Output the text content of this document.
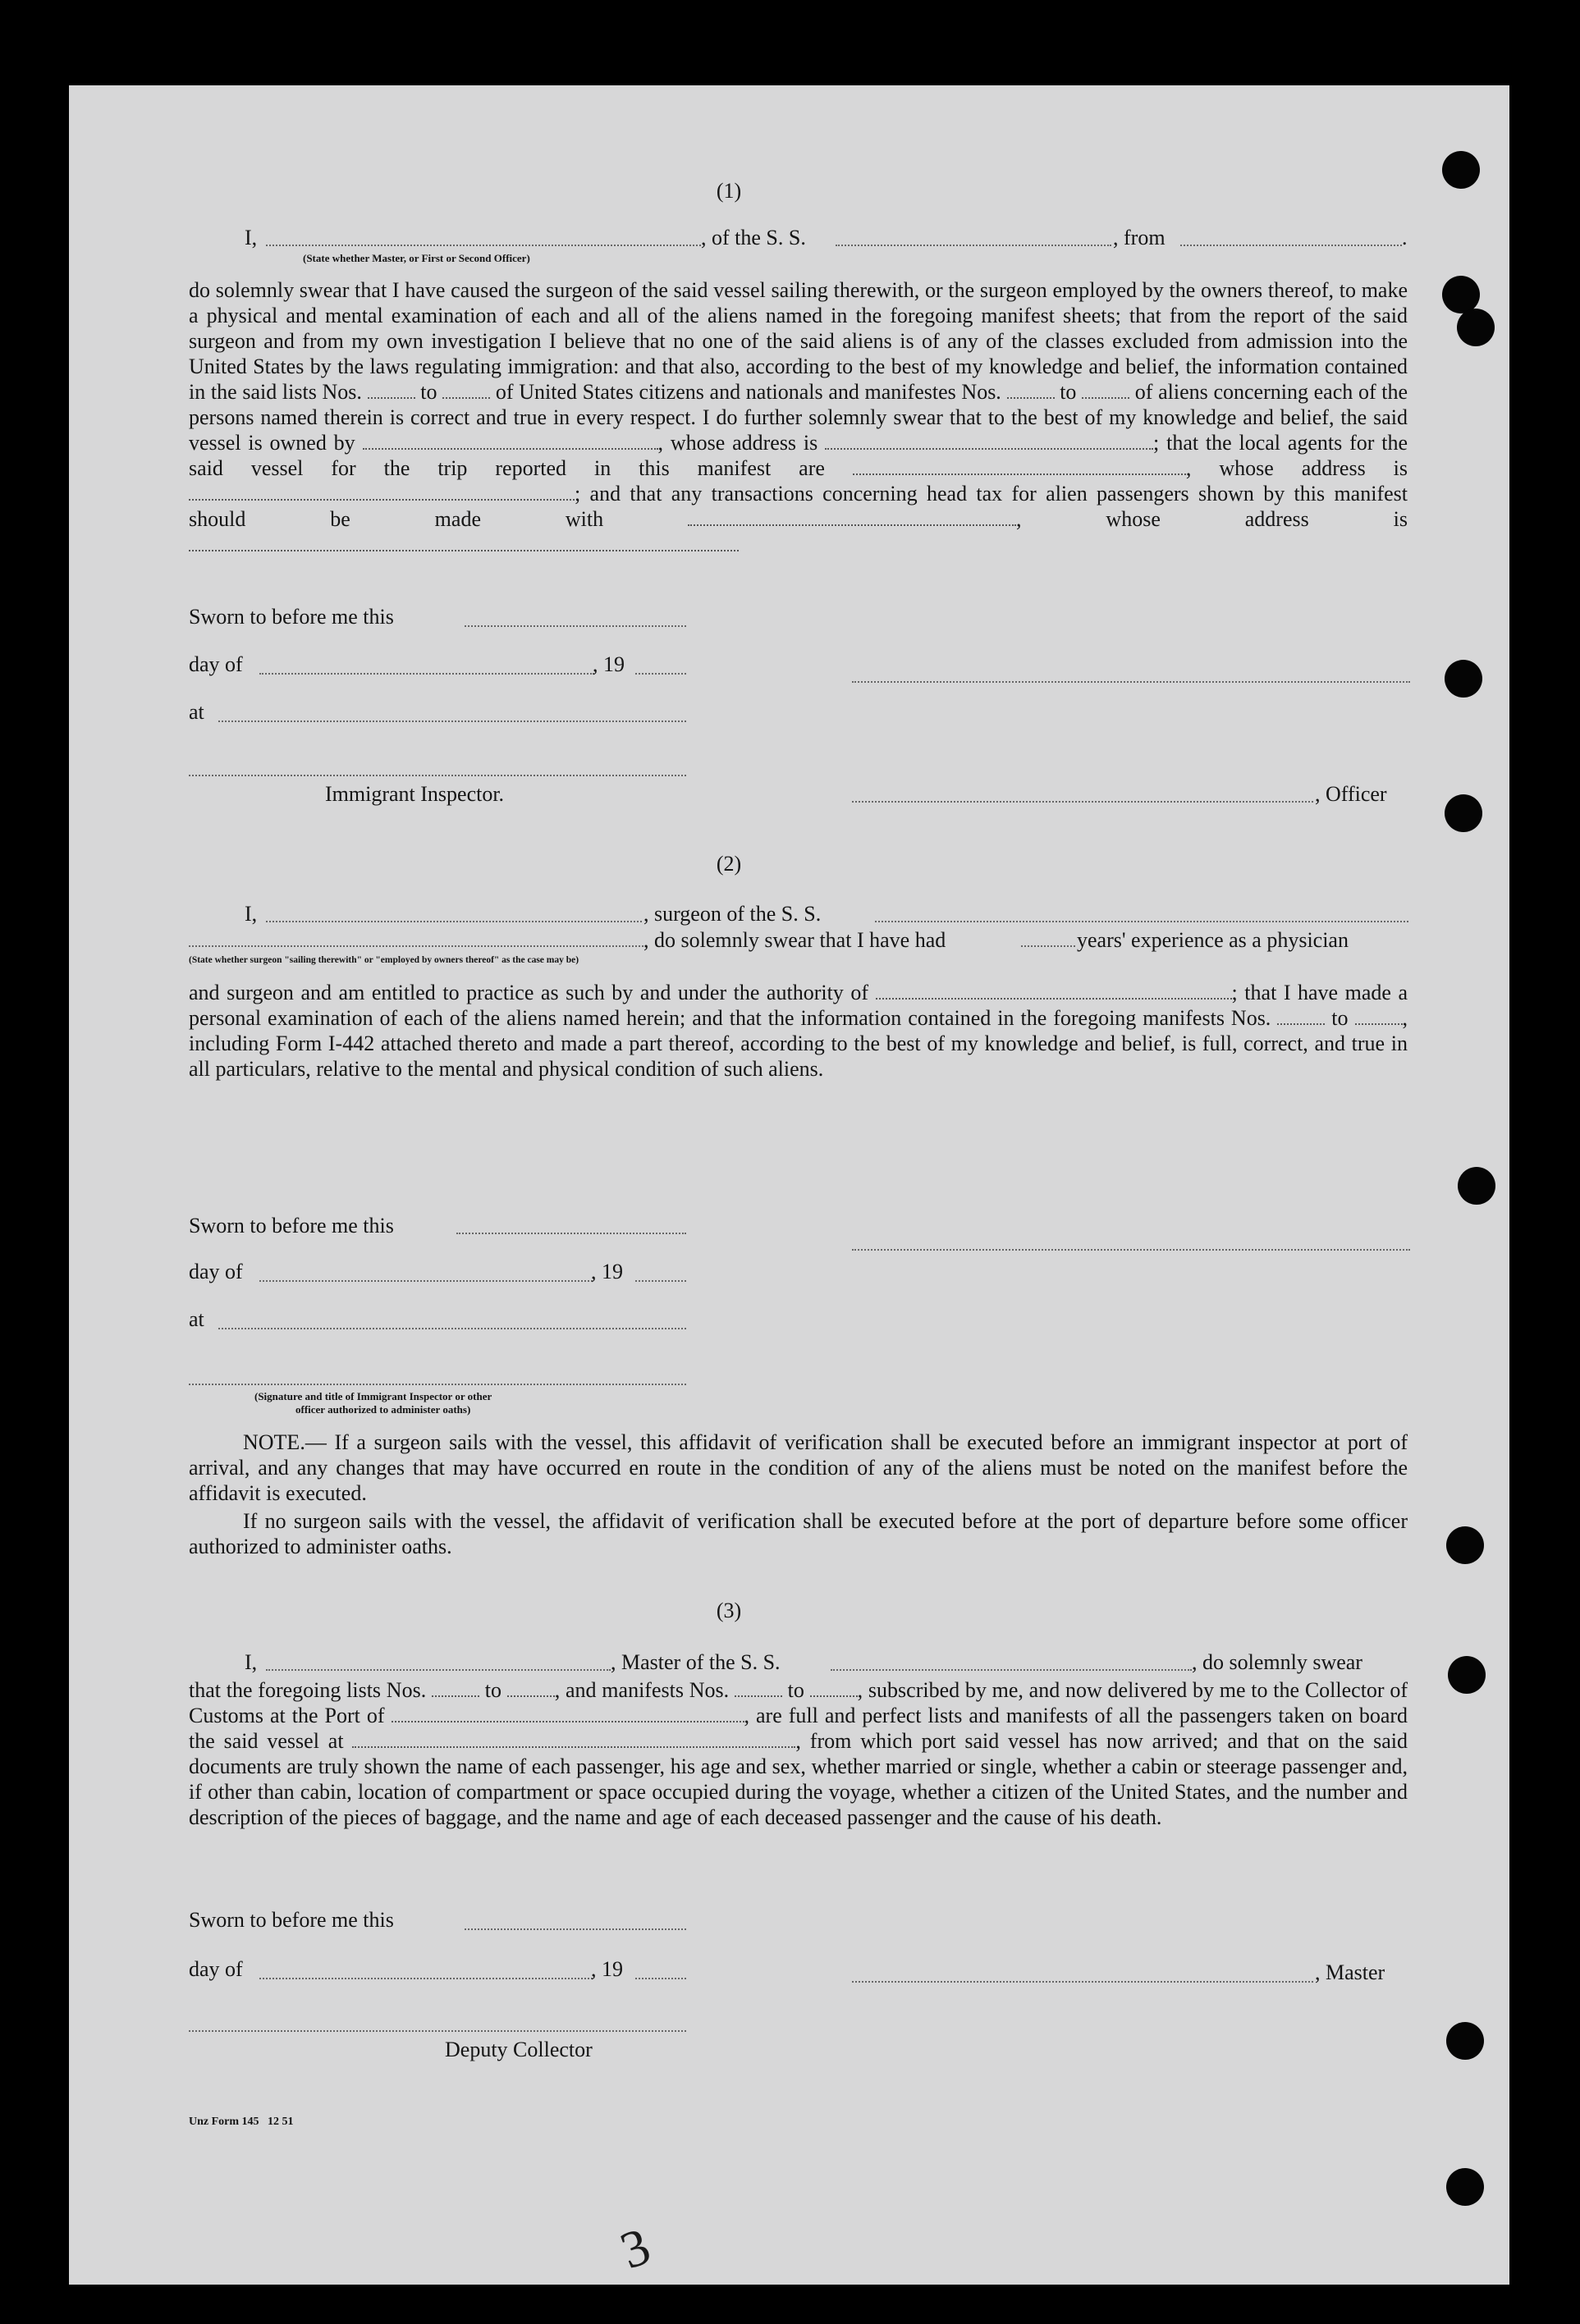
(1)
I,	, of the S. S.	, from	.
(State whether Master, or First or Second Officer)
do solemnly swear that I have caused the surgeon of the said vessel sailing therewith, or the surgeon employed by the owners thereof, to make a physical and mental examination of each and all of the aliens named in the foregoing manifest sheets; that from the report of the said surgeon and from my own investigation I believe that no one of the said aliens is of any of the classes excluded from admission into the United States by the laws regulating immigration: and that also, according to the best of my knowledge and belief, the information contained in the said lists Nos.	to	of United States citizens and nationals and manifestes Nos.	to	of aliens concerning each of the persons named therein is correct and true in every respect. I do further solemnly swear that to the best of my knowledge and belief, the said vessel is owned by	, whose address is	; that the local agents for the said vessel for the trip reported in this manifest are	, whose address is ; and that any transactions concerning head tax for alien passengers shown by this manifest should be made with	, whose address is
Sworn to before me this
day of	, 19
at
Immigrant Inspector.	, Officer
(2)
I,	, surgeon of the S. S.
, do solemnly swear that I have had	years' experience as a physician
(State whether surgeon "sailing therewith" or "employed by owners thereof" as the case may be)
and surgeon and am entitled to practice as such by and under the authority of	; that I have made a personal examination of each of the aliens named herein; and that the information contained in the foregoing manifests Nos.	to	, including Form I-442 attached thereto and made a part thereof, according to the best of my knowledge and belief, is full, correct, and true in all particulars, relative to the mental and physical condition of such aliens.
Sworn to before me this
day of	, 19
at
(Signature and title of Immigrant Inspector or other
officer authorized to administer oaths)
NOTE.— If a surgeon sails with the vessel, this affidavit of verification shall be executed before an immigrant inspector at port of arrival, and any changes that may have occurred en route in the condition of any of the aliens must be noted on the manifest before the affidavit is executed.
If no surgeon sails with the vessel, the affidavit of verification shall be executed before at the port of departure before some officer authorized to administer oaths.
(3)
I,	, Master of the S. S.	, do solemnly swear
that the foregoing lists Nos.	to , and manifests Nos.	to , subscribed by me, and now delivered by me to the Collector of Customs at the Port of	, are full and perfect lists and manifests of all the passengers taken on board the said vessel at	, from which port said vessel has now arrived; and that on the said documents are truly shown the name of each passenger, his age and sex, whether married or single, whether a cabin or steerage passenger and, if other than cabin, location of compartment or space occupied during the voyage, whether a citizen of the United States, and the number and description of the pieces of baggage, and the name and age of each deceased passenger and the cause of his death.
Sworn to before me this
day of	, 19	, Master
Deputy Collector
Unz Form 145   12 51
3
